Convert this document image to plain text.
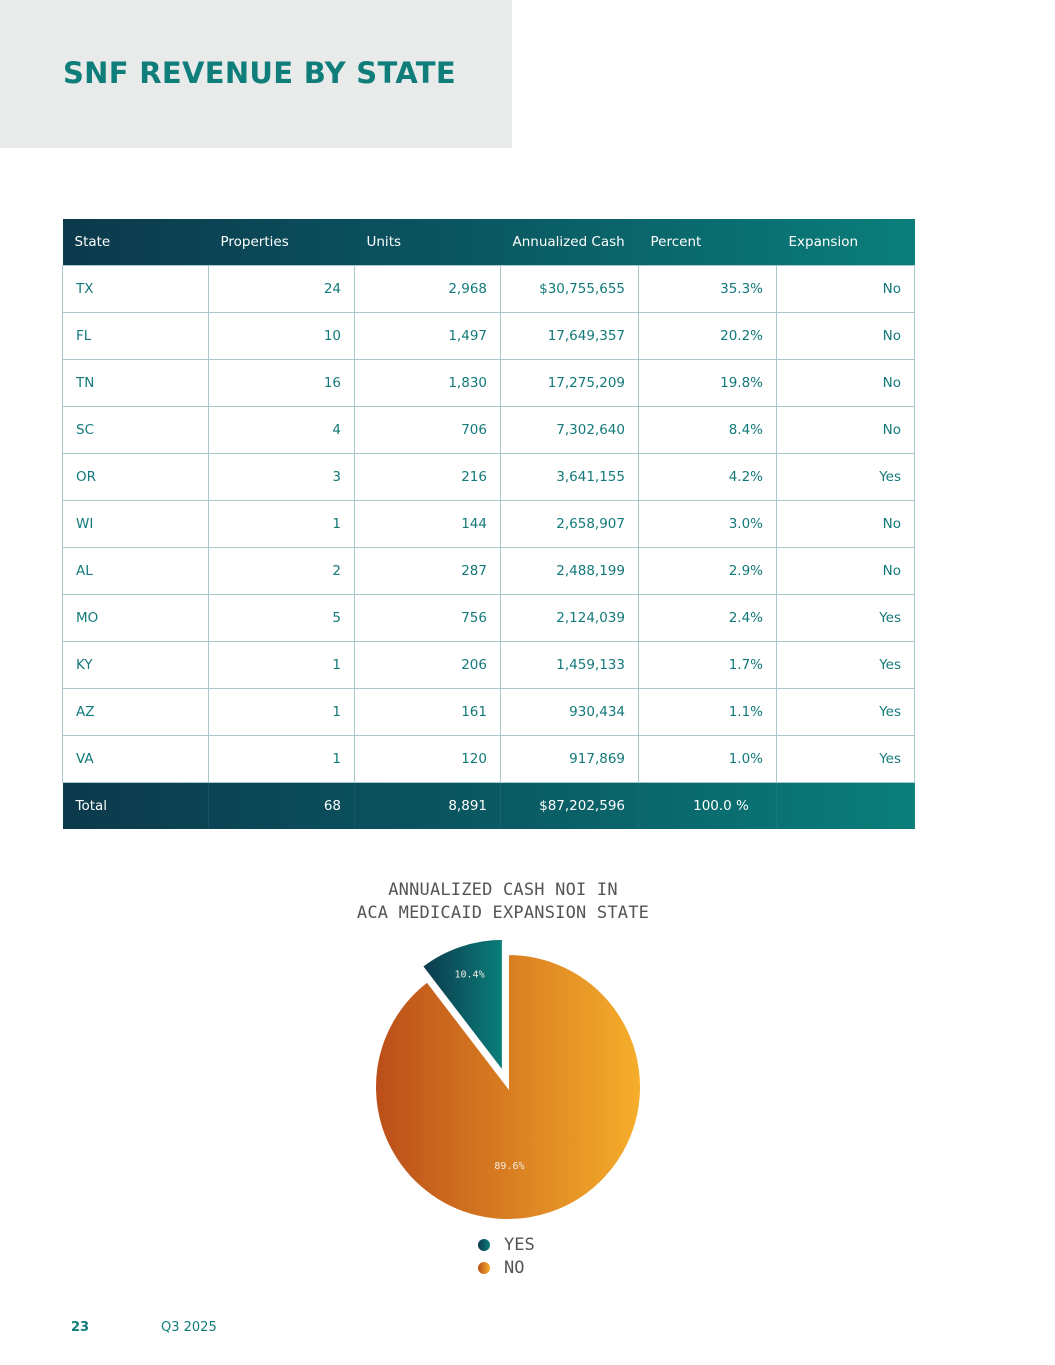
SNF REVENUE BY STATE
State	Properties	Units	Annualized Cash	Percent	Expansion
TX	24	2,968	$30,755,655	35.3%	No
FL	10	1,497	17,649,357	20.2%	No
TN	16	1,830	17,275,209	19.8%	No
SC	4	706	7,302,640	8.4%	No
OR	3	216	3,641,155	4.2%	Yes
WI	1	144	2,658,907	3.0%	No
AL	2	287	2,488,199	2.9%	No
MO	5	756	2,124,039	2.4%	Yes
KY	1	206	1,459,133	1.7%	Yes
AZ	1	161	930,434	1.1%	Yes
VA	1	120	917,869	1.0%	Yes
Total	68	8,891	$87,202,596	100.0 %	
ANNUALIZED CASH NOI IN
ACA MEDICAID EXPANSION STATE
10.4%
89.6%
YES
NO
23	Q3 2025
